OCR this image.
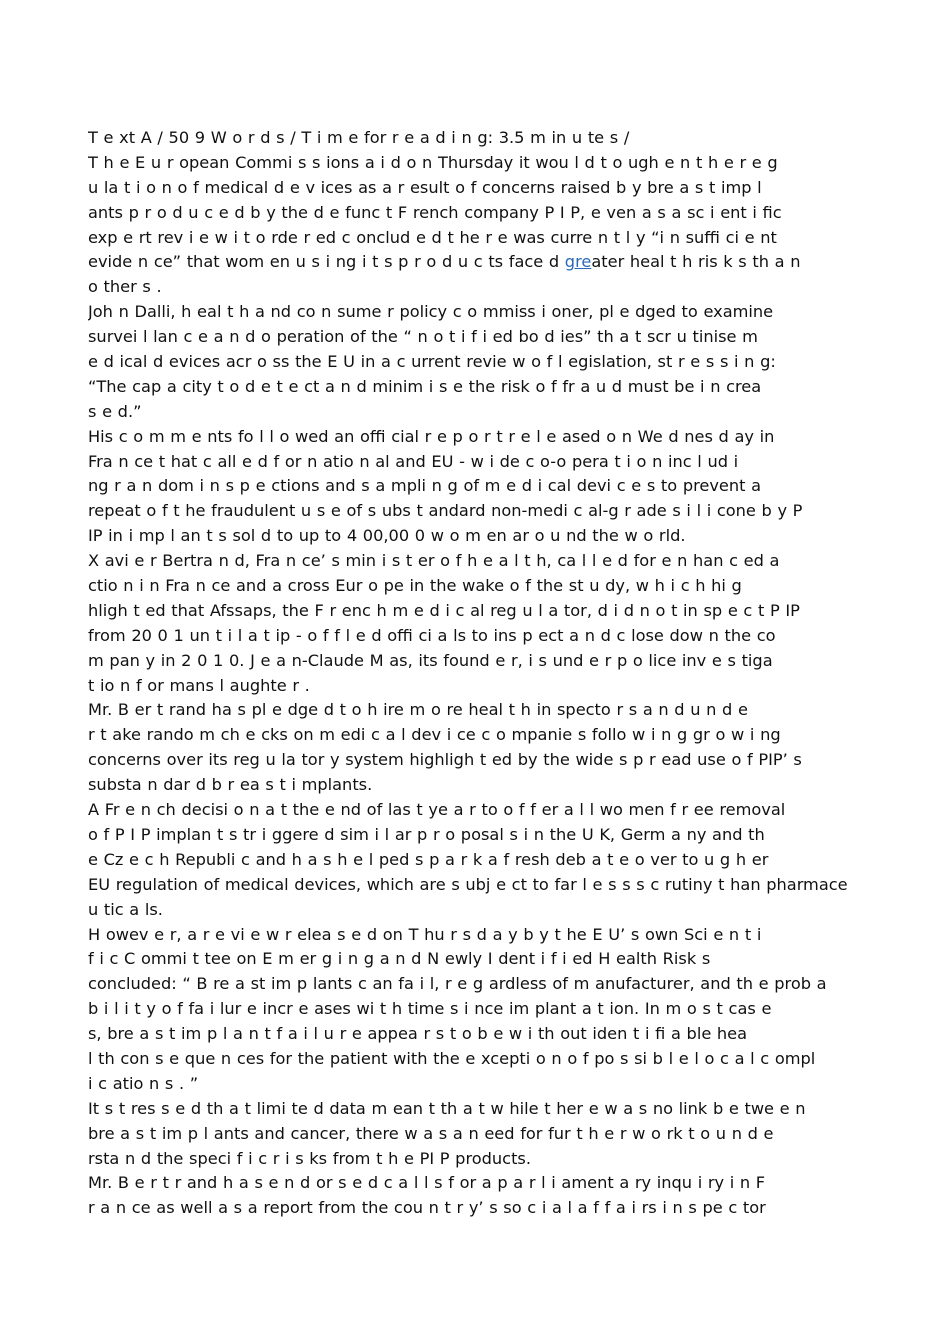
T e xt A / 50 9 W o r d s / T i m e for r e a d i n g: 3.5 m in u te s /
T h e E u r opean Commi s s ions a i d o n Thursday it wou l d t o ugh e n t h e r e g
u la t i o n o f medical d e v ices as a r esult o f concerns raised b y bre a s t imp l
ants p r o d u c e d b y the d e func t F rench company P I P, e ven a s a sc i ent i fic
exp e rt rev i e w i t o rde r ed c onclud e d t he r e was curre n t l y “i n suffi ci e nt
evide n ce” that wom en u s i ng i t s p r o d u c ts face d greater heal t h ris k s th a n
o ther s .
Joh n Dalli, h eal t h a nd co n sume r policy c o mmiss i oner, pl e dged to examine
survei l lan c e a n d o peration of the “ n o t i f i ed bo d ies” th a t scr u tinise m
e d ical d evices acr o ss the E U in a c urrent revie w o f l egislation, st r e s s i n g:
“The cap a city t o d e t e ct a n d minim i s e the risk o f fr a u d must be i n crea
s e d.”
His c o m m e nts fo l l o wed an offi cial r e p o r t r e l e ased o n We d nes d ay in
Fra n ce t hat c all e d f or n atio n al and EU - w i de c o-o pera t i o n inc l ud i
ng r a n dom i n s p e ctions and s a mpli n g of m e d i cal devi c e s to prevent a
repeat o f t he fraudulent u s e of s ubs t andard non-medi c al-g r ade s i l i cone b y P
IP in i mp l an t s sol d to up to 4 00,00 0 w o m en ar o u nd the w o rld.
X avi e r Bertra n d, Fra n ce’ s min i s t er o f h e a l t h, ca l l e d for e n han c ed a
ctio n i n Fra n ce and a cross Eur o pe in the wake o f the st u dy, w h i c h hi g
hligh t ed that Afssaps, the F r enc h m e d i c al reg u l a tor, d i d n o t in sp e c t P IP
from 20 0 1 un t i l a t ip - o f f l e d offi ci a ls to ins p ect a n d c lose dow n the co
m pan y in 2 0 1 0. J e a n-Claude M as, its found e r, i s und e r p o lice inv e s tiga
t io n f or mans l aughte r .
Mr. B er t rand ha s pl e dge d t o h ire m o re heal t h in specto r s a n d u n d e
r t ake rando m ch e cks on m edi c a l dev i ce c o mpanie s follo w i n g gr o w i ng
concerns over its reg u la tor y system highligh t ed by the wide s p r ead use o f PIP’ s
substa n dar d b r ea s t i mplants.
A Fr e n ch decisi o n a t the e nd of las t ye a r to o f f er a l l wo men f r ee removal
o f P I P implan t s tr i ggere d sim i l ar p r o posal s i n the U K, Germ a ny and th
e Cz e c h Republi c and h a s h e l ped s p a r k a f resh deb a t e o ver to u g h er
EU regulation of medical devices, which are s ubj e ct to far l e s s s c rutiny t han pharmace
u tic a ls.
H owev e r, a r e vi e w r elea s e d on T hu r s d a y b y t he E U’ s own Sci e n t i
f i c C ommi t tee on E m er g i n g a n d N ewly I dent i f i ed H ealth Risk s
concluded: “ B re a st im p lants c an fa i l, r e g ardless of m anufacturer, and th e prob a
b i l i t y o f fa i lur e incr e ases wi t h time s i nce im plant a t ion. In m o s t cas e
s, bre a s t im p l a n t f a i l u r e appea r s t o b e w i th out iden t i fi a ble hea
l th con s e que n ces for the patient with the e xcepti o n o f po s si b l e l o c a l c ompl
i c atio n s . ”
It s t res s e d th a t limi te d data m ean t th a t w hile t her e w a s no link b e twe e n
bre a s t im p l ants and cancer, there w a s a n eed for fur t h e r w o rk t o u n d e
rsta n d the speci f i c r i s ks from t h e PI P products.
Mr. B e r t r and h a s e n d or s e d c a l l s f or a p a r l i ament a ry inqu i ry i n F
r a n ce as well a s a report from the cou n t r y’ s so c i a l a f f a i rs i n s pe c tor
